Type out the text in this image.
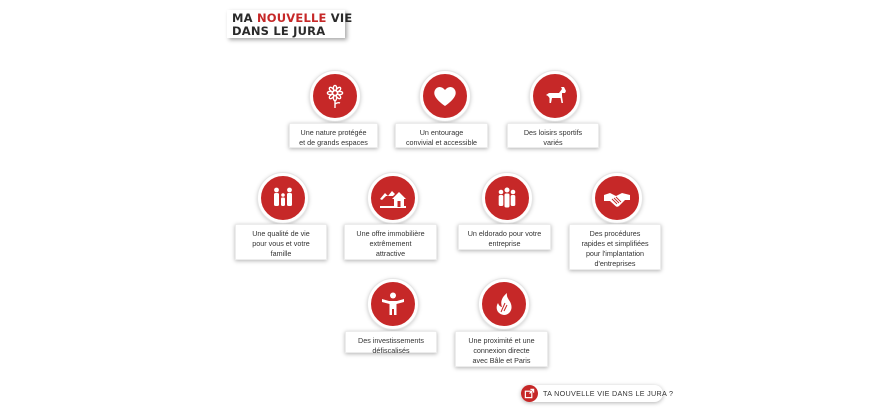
MA NOUVELLE VIE
DANS LE JURA
Une nature protégée
et de grands espaces
Un entourage
convivial et accessible
Des loisirs sportifs
variés
Une qualité de vie
pour vous et votre
famille
Une offre immobilière
extrêmement
attractive
Un eldorado pour votre
entreprise
Des procédures
rapides et simplifiées
pour l'implantation
d'entreprises
Des investissements
défiscalisés
Une proximité et une
connexion directe
avec Bâle et Paris
TA NOUVELLE VIE DANS LE JURA ?
